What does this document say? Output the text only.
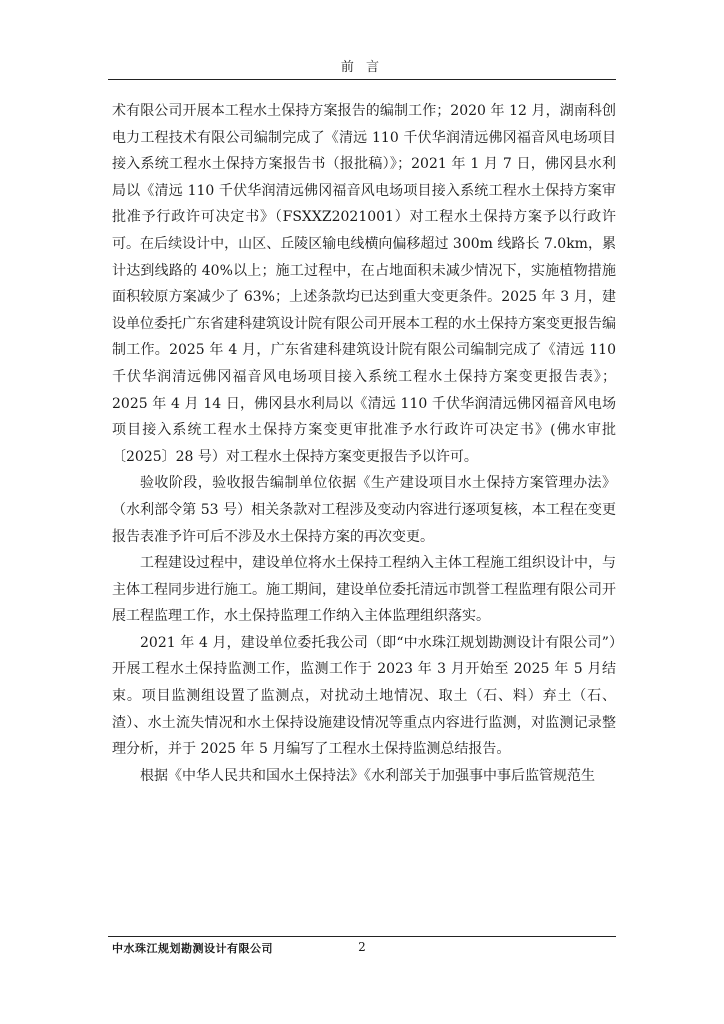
前 言

术有限公司开展本工程水土保持方案报告的编制工作；2020 年 12 月，湖南科创电力工程技术有限公司编制完成了《清远 110 千伏华润清远佛冈福音风电场项目接入系统工程水土保持方案报告书（报批稿）》；2021 年 1 月 7 日，佛冈县水利局以《清远 110 千伏华润清远佛冈福音风电场项目接入系统工程水土保持方案审批准予行政许可决定书》（FSXXZ2021001）对工程水土保持方案予以行政许可。在后续设计中，山区、丘陵区输电线横向偏移超过 300m 线路长 7.0km，累计达到线路的 40%以上；施工过程中，在占地面积未减少情况下，实施植物措施面积较原方案减少了 63%；上述条款均已达到重大变更条件。2025 年 3 月，建设单位委托广东省建科建筑设计院有限公司开展本工程的水土保持方案变更报告编制工作。2025 年 4 月，广东省建科建筑设计院有限公司编制完成了《清远 110 千伏华润清远佛冈福音风电场项目接入系统工程水土保持方案变更报告表》；2025 年 4 月 14 日，佛冈县水利局以《清远 110 千伏华润清远佛冈福音风电场项目接入系统工程水土保持方案变更审批准予水行政许可决定书》(佛水审批〔2025〕28 号）对工程水土保持方案变更报告予以许可。

验收阶段，验收报告编制单位依据《生产建设项目水土保持方案管理办法》（水利部令第 53 号）相关条款对工程涉及变动内容进行逐项复核，本工程在变更报告表准予许可后不涉及水土保持方案的再次变更。

工程建设过程中，建设单位将水土保持工程纳入主体工程施工组织设计中，与主体工程同步进行施工。施工期间，建设单位委托清远市凯誉工程监理有限公司开展工程监理工作，水土保持监理工作纳入主体监理组织落实。

2021 年 4 月，建设单位委托我公司（即“中水珠江规划勘测设计有限公司”）开展工程水土保持监测工作，监测工作于 2023 年 3 月开始至 2025 年 5 月结束。项目监测组设置了监测点，对扰动土地情况、取土（石、料）弃土（石、渣）、水土流失情况和水土保持设施建设情况等重点内容进行监测，对监测记录整理分析，并于 2025 年 5 月编写了工程水土保持监测总结报告。

根据《中华人民共和国水土保持法》《水利部关于加强事中事后监管规范生

中水珠江规划勘测设计有限公司	2
